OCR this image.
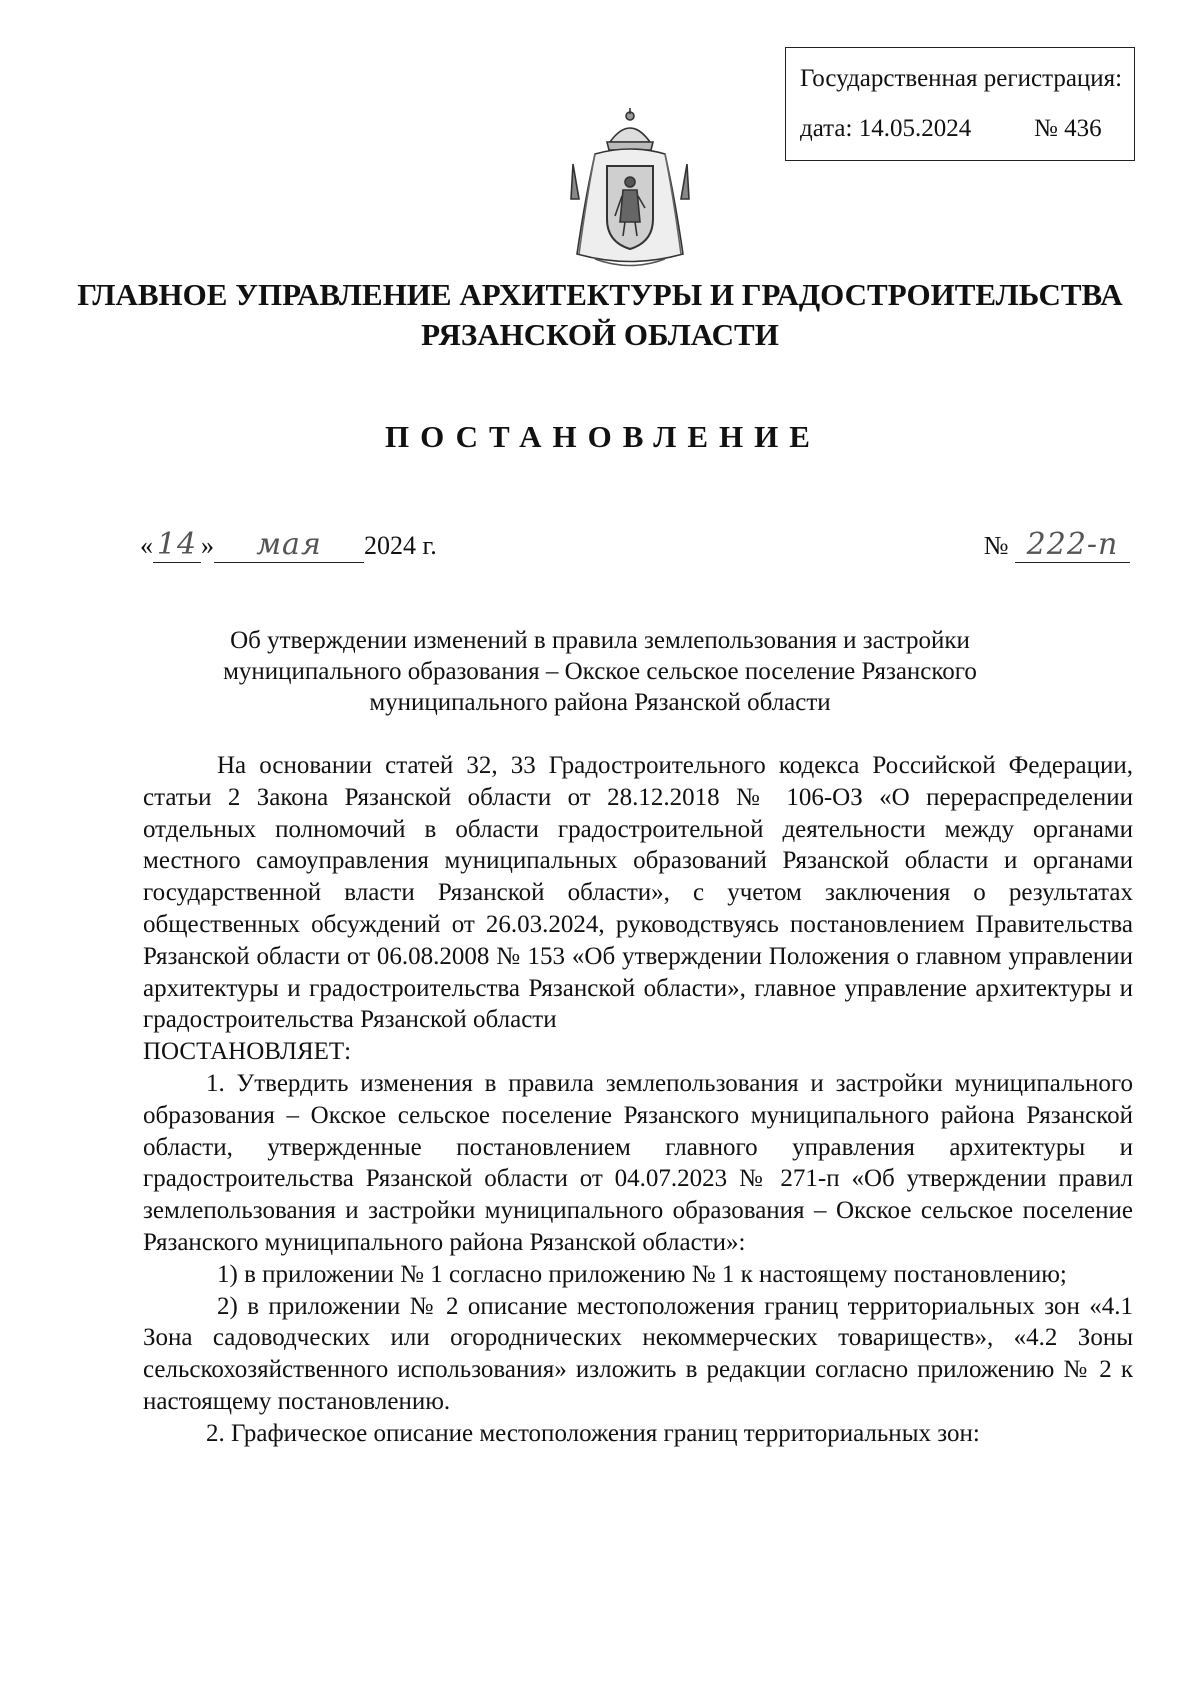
Государственная регистрация:
дата: 14.05.2024	№ 436
ГЛАВНОЕ УПРАВЛЕНИЕ АРХИТЕКТУРЫ И ГРАДОСТРОИТЕЛЬСТВА
РЯЗАНСКОЙ ОБЛАСТИ
ПОСТАНОВЛЕНИЕ
« 14 » мая 2024 г.	№ 222-п
Об утверждении изменений в правила землепользования и застройки
муниципального образования – Окское сельское поселение Рязанского
муниципального района Рязанской области

На основании статей 32, 33 Градостроительного кодекса Российской Федерации, статьи 2 Закона Рязанской области от 28.12.2018 № 106-ОЗ «О перераспределении отдельных полномочий в области градостроительной деятельности между органами местного самоуправления муниципальных образований Рязанской области и органами государственной власти Рязанской области», с учетом заключения о результатах общественных обсуждений от 26.03.2024, руководствуясь постановлением Правительства Рязанской области от 06.08.2008 № 153 «Об утверждении Положения о главном управлении архитектуры и градостроительства Рязанской области», главное управление архитектуры и градостроительства Рязанской области

ПОСТАНОВЛЯЕТ:

1. Утвердить изменения в правила землепользования и застройки муниципального образования – Окское сельское поселение Рязанского муниципального района Рязанской области, утвержденные постановлением главного управления архитектуры и градостроительства Рязанской области от 04.07.2023 № 271-п «Об утверждении правил землепользования и застройки муниципального образования – Окское сельское поселение Рязанского муниципального района Рязанской области»:

1) в приложении № 1 согласно приложению № 1 к настоящему постановлению;

2) в приложении № 2 описание местоположения границ территориальных зон «4.1 Зона садоводческих или огороднических некоммерческих товариществ», «4.2 Зоны сельскохозяйственного использования» изложить в редакции согласно приложению № 2 к настоящему постановлению.

2. Графическое описание местоположения границ территориальных зон:
